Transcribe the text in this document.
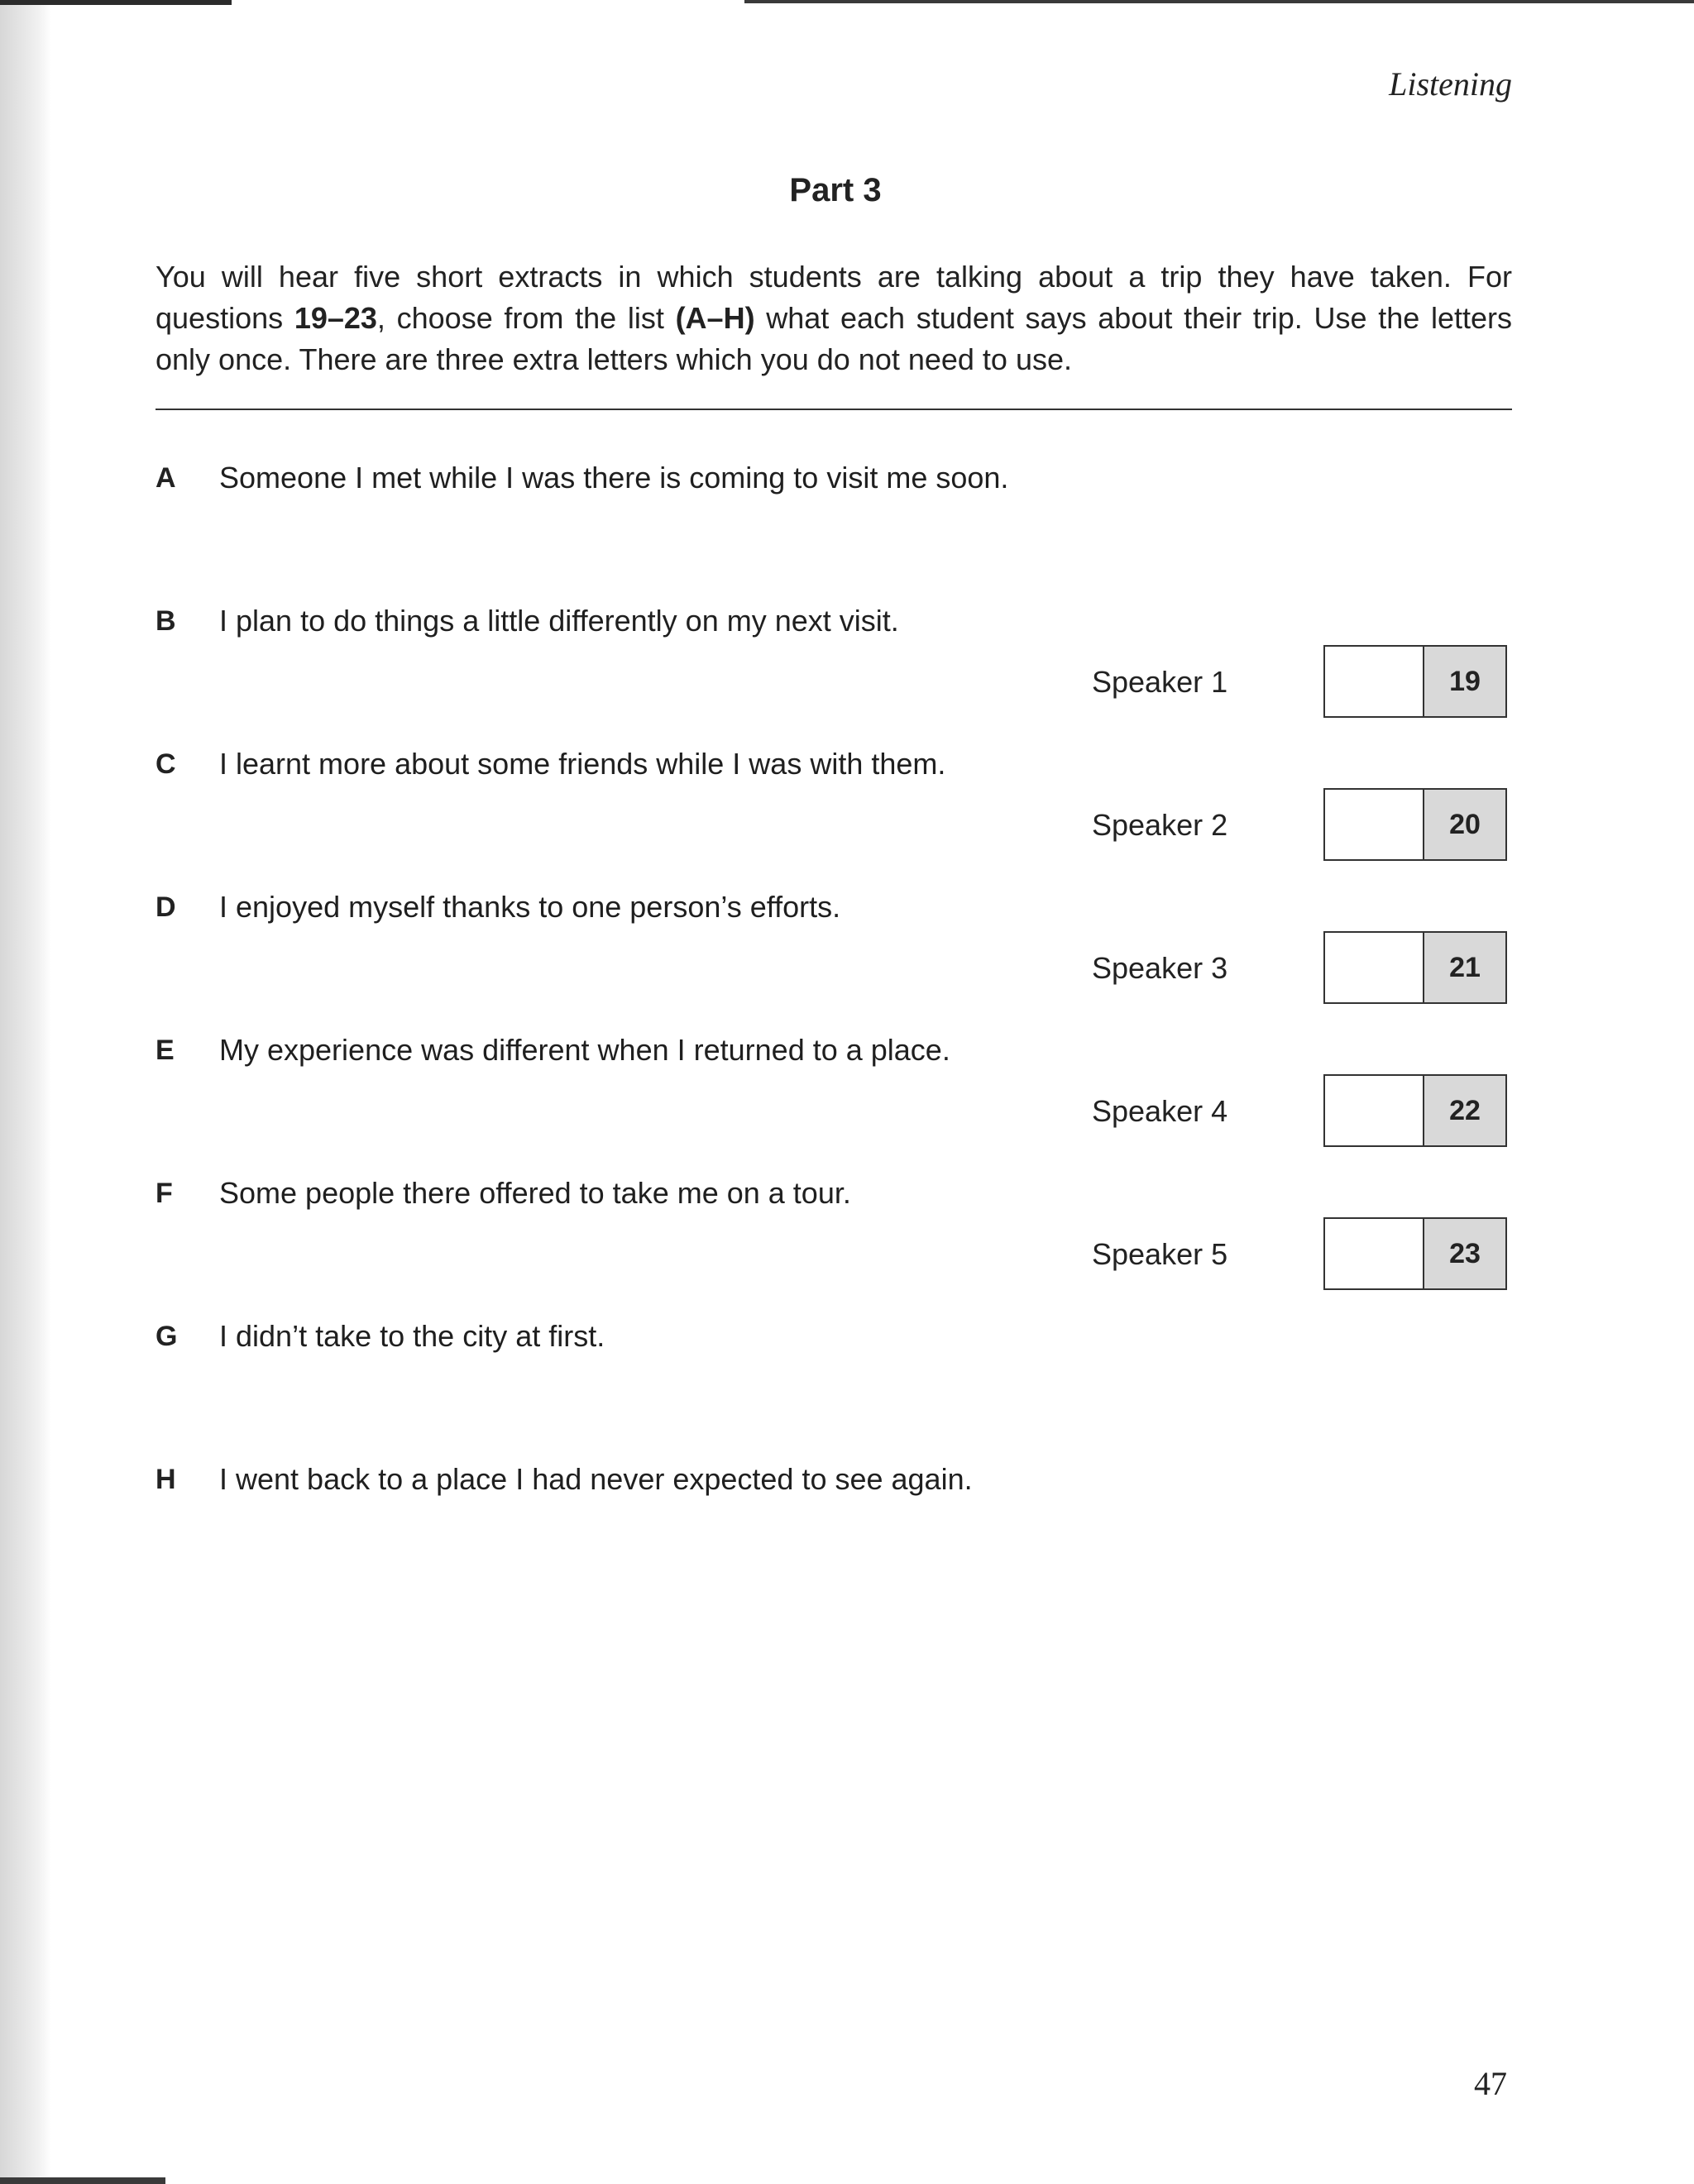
Listening
Part 3

You will hear five short extracts in which students are talking about a trip they have taken. For questions 19–23, choose from the list (A–H) what each student says about their trip. Use the letters only once. There are three extra letters which you do not need to use.

A	Someone I met while I was there is coming to visit me soon.
B	I plan to do things a little differently on my next visit.
C	I learnt more about some friends while I was with them.
D	I enjoyed myself thanks to one person’s efforts.
E	My experience was different when I returned to a place.
F	Some people there offered to take me on a tour.
G	I didn’t take to the city at first.
H	I went back to a place I had never expected to see again.
Speaker 1	19
Speaker 2	20
Speaker 3	21
Speaker 4	22
Speaker 5	23
47
